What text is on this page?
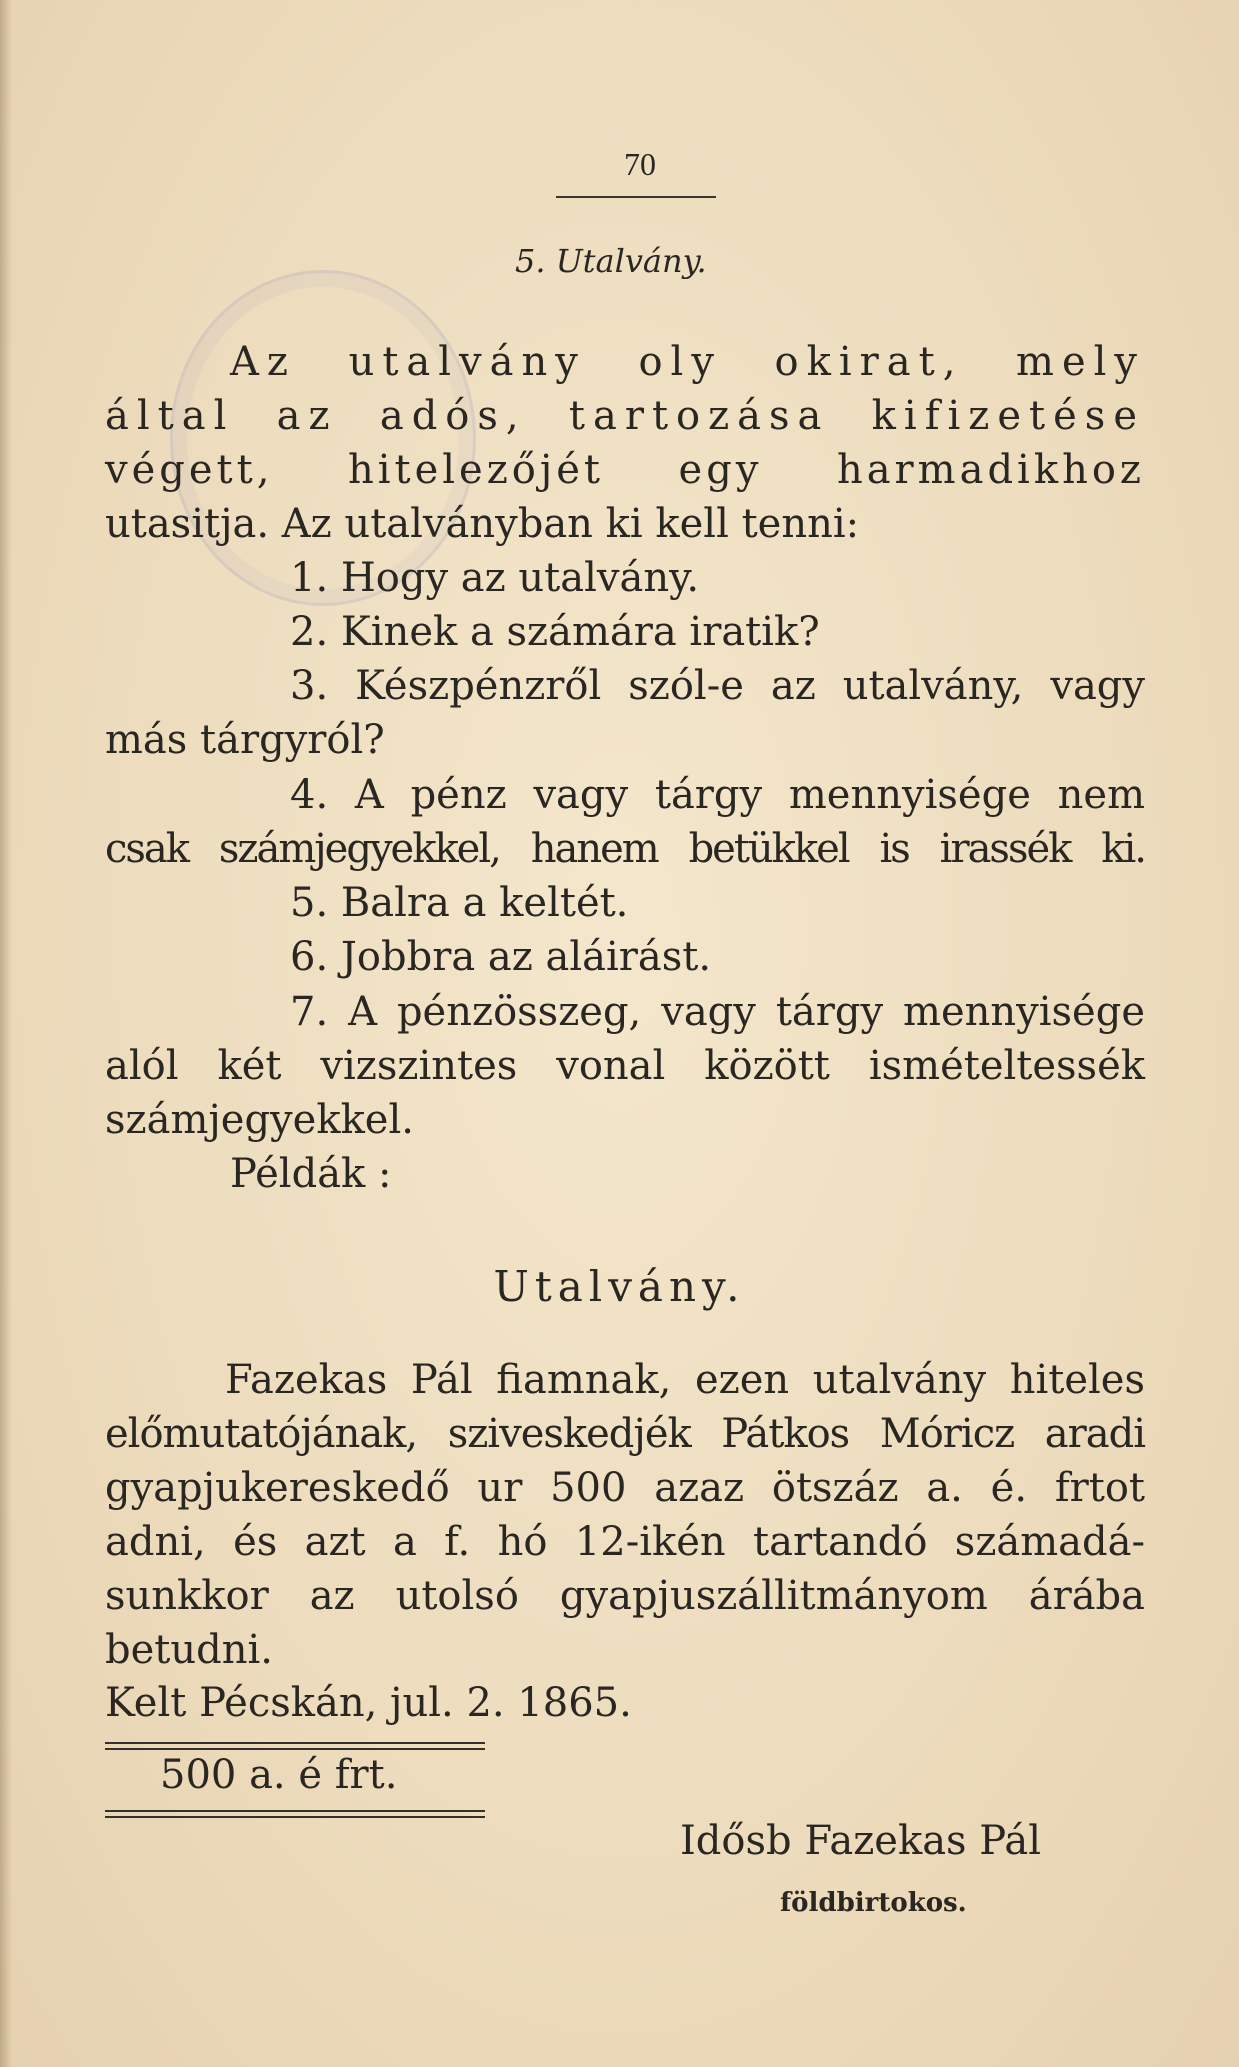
70
5. Utalvány.
Az utalvány oly okirat, mely
által az adós, tartozása kifizetése
végett, hitelezőjét egy harmadikhoz
utasitja. Az utalványban ki kell tenni:
1. Hogy az utalvány.
2. Kinek a számára iratik?
3. Készpénzről szól-e az utalvány, vagy
más tárgyról?
4. A pénz vagy tárgy mennyisége nem
csak számjegyekkel, hanem betükkel is irassék ki.
5. Balra a keltét.
6. Jobbra az aláirást.
7. A pénzösszeg, vagy tárgy mennyisége
alól két vizszintes vonal között ismételtessék
számjegyekkel.
Példák :
Utalvány.
Fazekas Pál fiamnak, ezen utalvány hiteles
előmutatójának, sziveskedjék Pátkos Móricz aradi
gyapjukereskedő ur 500 azaz ötszáz a. é. frtot
adni, és azt a f. hó 12-ikén tartandó számadá-
sunkkor az utolsó gyapjuszállitmányom árába
betudni.
Kelt Pécskán, jul. 2. 1865.
500 a. é frt.
Idősb Fazekas Pál
földbirtokos.
